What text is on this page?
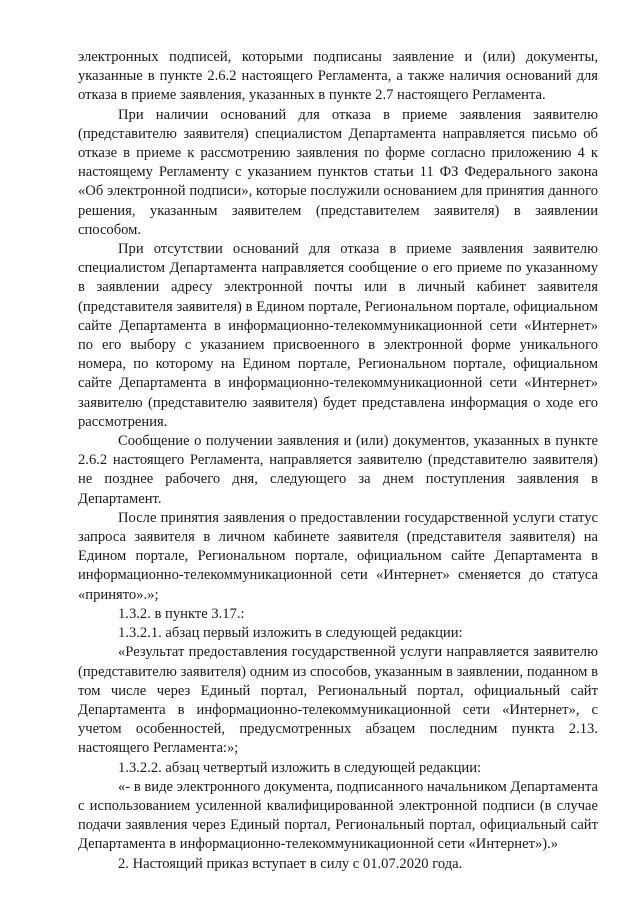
электронных подписей, которыми подписаны заявление и (или) документы, указанные в пункте 2.6.2 настоящего Регламента, а также наличия оснований для отказа в приеме заявления, указанных в пункте 2.7 настоящего Регламента.

При наличии оснований для отказа в приеме заявления заявителю (представителю заявителя) специалистом Департамента направляется письмо об отказе в приеме к рассмотрению заявления по форме согласно приложению 4 к настоящему Регламенту с указанием пунктов статьи 11 ФЗ Федерального закона «Об электронной подписи», которые послужили основанием для принятия данного решения, указанным заявителем (представителем заявителя) в заявлении способом.

При отсутствии оснований для отказа в приеме заявления заявителю специалистом Департамента направляется сообщение о его приеме по указанному в заявлении адресу электронной почты или в личный кабинет заявителя (представителя заявителя) в Едином портале, Региональном портале, официальном сайте Департамента в информационно-телекоммуникационной сети «Интернет» по его выбору с указанием присвоенного в электронной форме уникального номера, по которому на Едином портале, Региональном портале, официальном сайте Департамента в информационно-телекоммуникационной сети «Интернет» заявителю (представителю заявителя) будет представлена информация о ходе его рассмотрения.

Сообщение о получении заявления и (или) документов, указанных в пункте 2.6.2 настоящего Регламента, направляется заявителю (представителю заявителя) не позднее рабочего дня, следующего за днем поступления заявления в Департамент.

После принятия заявления о предоставлении государственной услуги статус запроса заявителя в личном кабинете заявителя (представителя заявителя) на Едином портале, Региональном портале, официальном сайте Департамента в информационно-телекоммуникационной сети «Интернет» сменяется до статуса «принято».»;

1.3.2. в пункте 3.17.:

1.3.2.1. абзац первый изложить в следующей редакции:

«Результат предоставления государственной услуги направляется заявителю (представителю заявителя) одним из способов, указанным в заявлении, поданном в том числе через Единый портал, Региональный портал, официальный сайт Департамента в информационно-телекоммуникационной сети «Интернет», с учетом особенностей, предусмотренных абзацем последним пункта 2.13. настоящего Регламента:»;

1.3.2.2. абзац четвертый изложить в следующей редакции:

«- в виде электронного документа, подписанного начальником Департамента с использованием усиленной квалифицированной электронной подписи (в случае подачи заявления через Единый портал, Региональный портал, официальный сайт Департамента в информационно-телекоммуникационной сети «Интернет»).»

2. Настоящий приказ вступает в силу с 01.07.2020 года.
